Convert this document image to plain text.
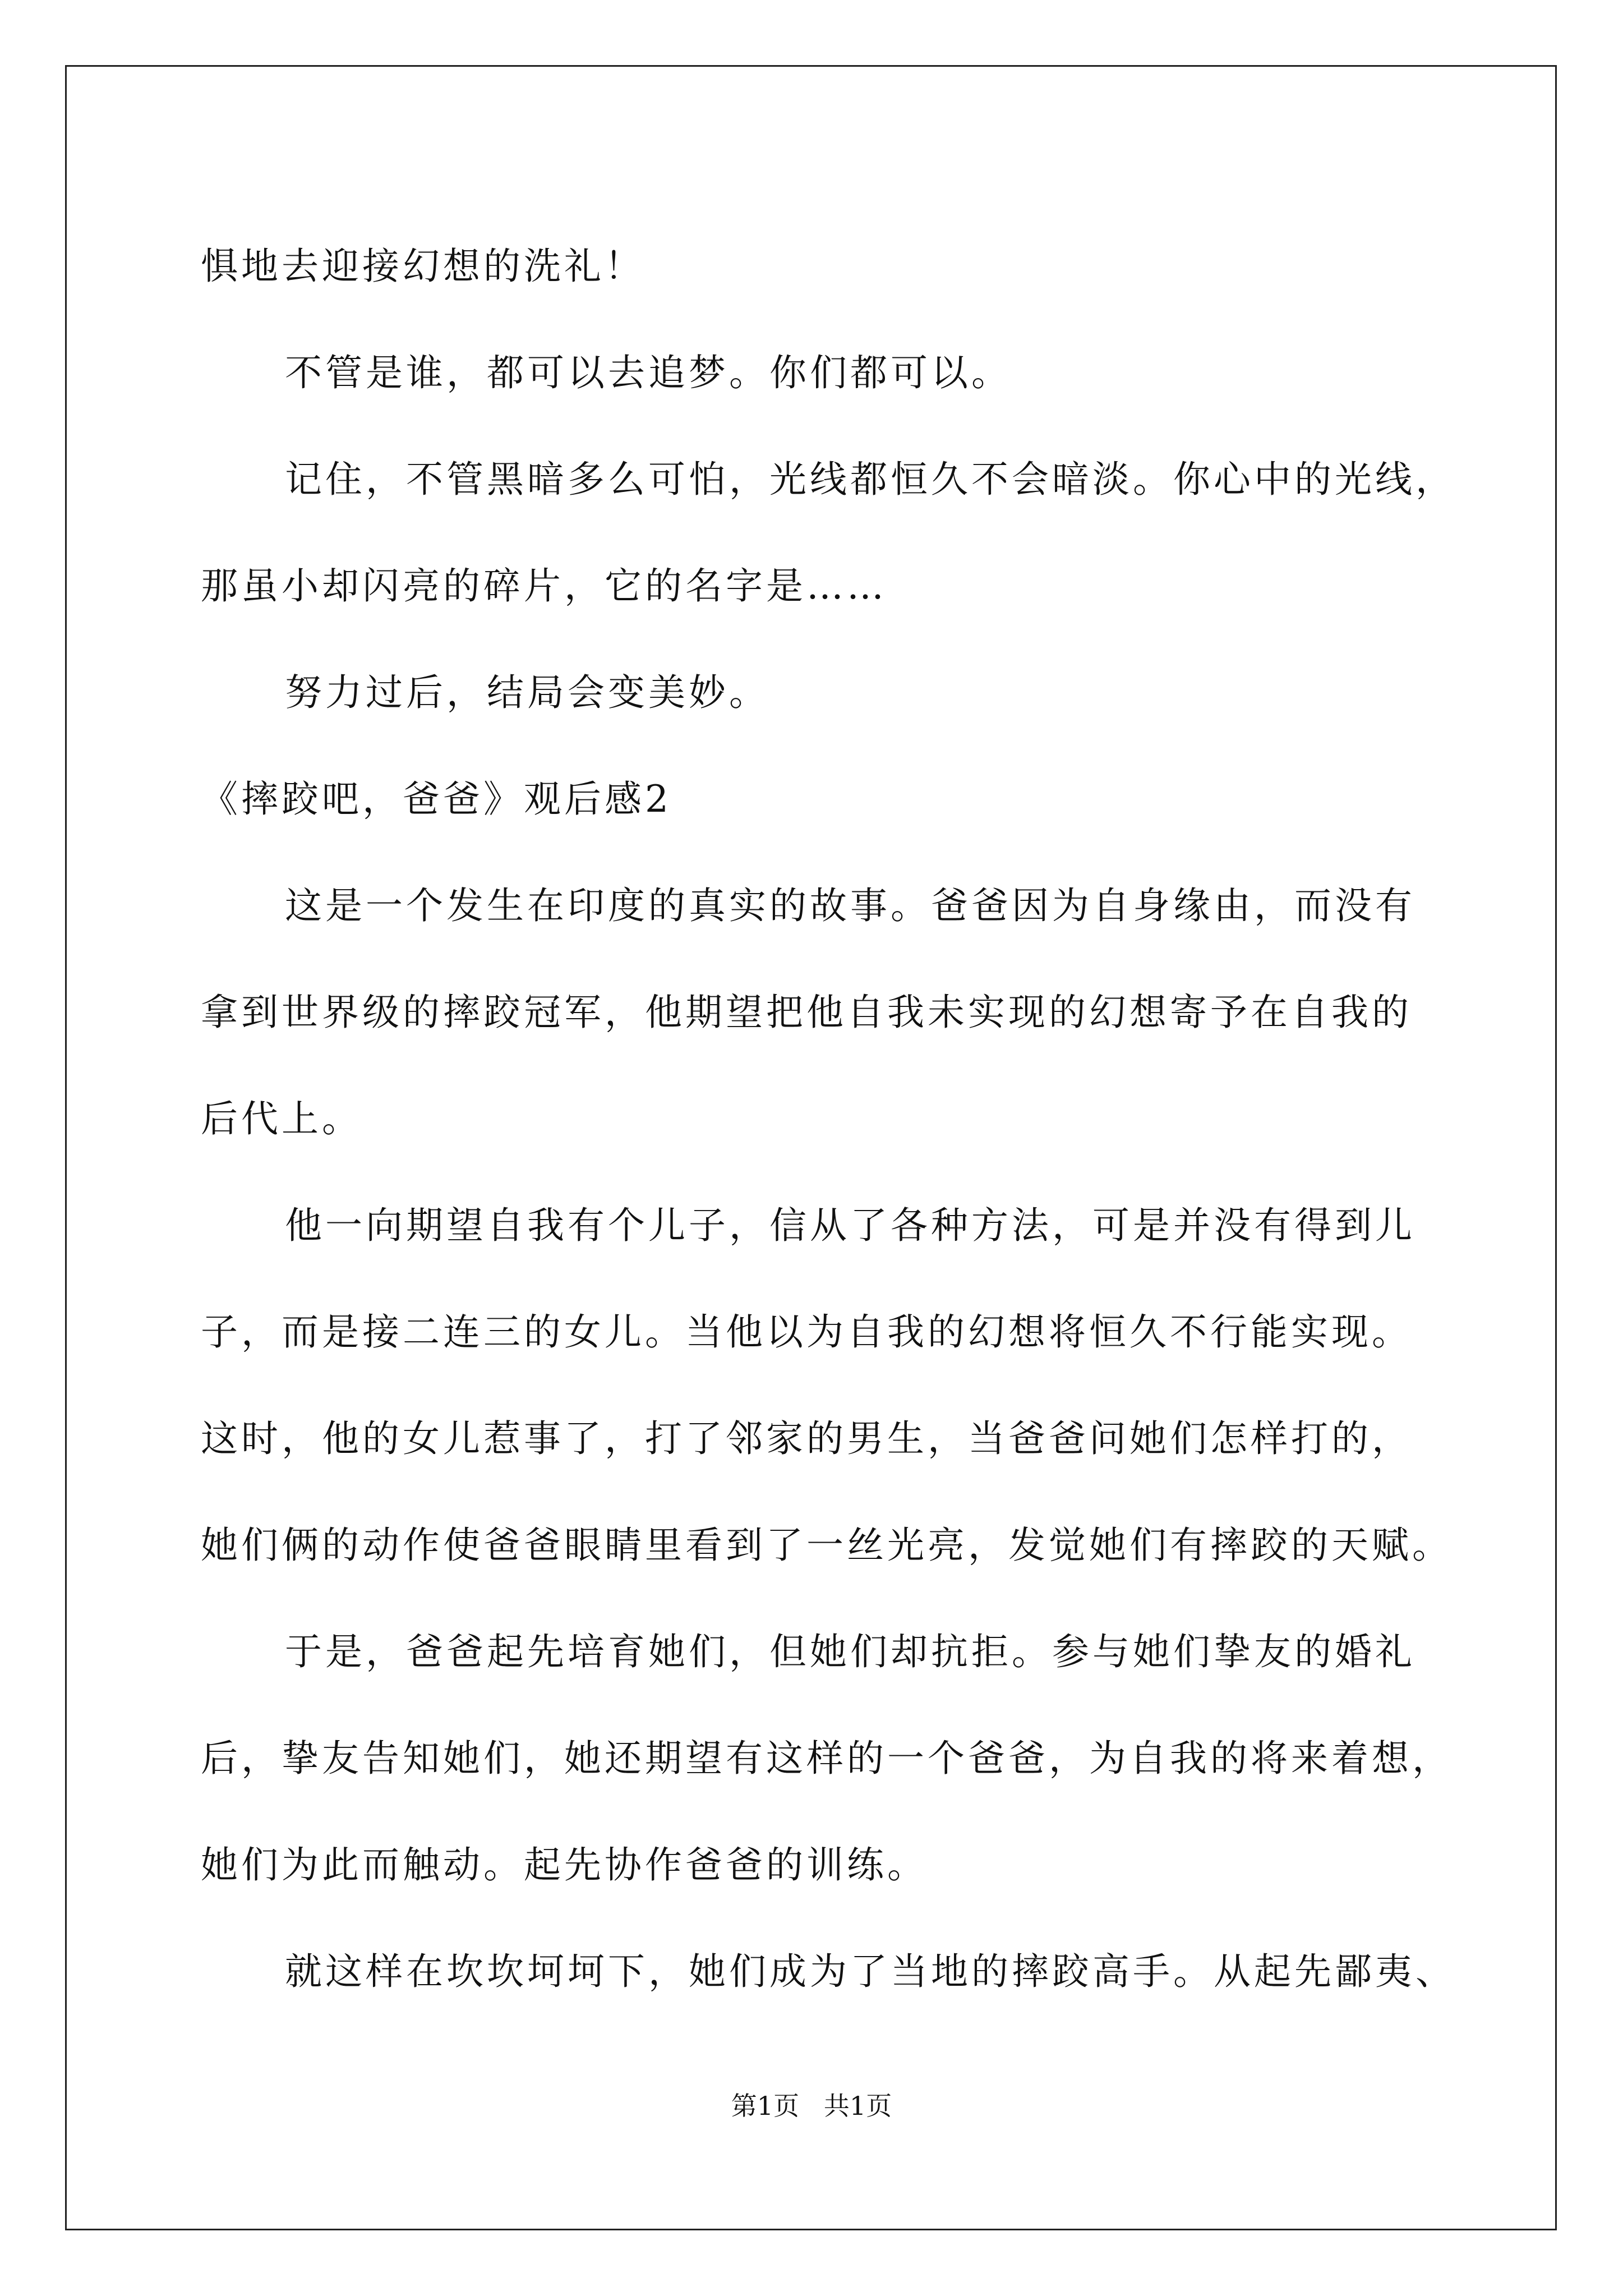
惧地去迎接幻想的洗礼！
不管是谁，都可以去追梦。你们都可以。
记住，不管黑暗多么可怕，光线都恒久不会暗淡。你心中的光线，
那虽小却闪亮的碎片，它的名字是……
努力过后，结局会变美妙。
《摔跤吧，爸爸》观后感2
这是一个发生在印度的真实的故事。爸爸因为自身缘由，而没有
拿到世界级的摔跤冠军，他期望把他自我未实现的幻想寄予在自我的
后代上。
他一向期望自我有个儿子，信从了各种方法，可是并没有得到儿
子，而是接二连三的女儿。当他以为自我的幻想将恒久不行能实现。
这时，他的女儿惹事了，打了邻家的男生，当爸爸问她们怎样打的，
她们俩的动作使爸爸眼睛里看到了一丝光亮，发觉她们有摔跤的天赋。
于是，爸爸起先培育她们，但她们却抗拒。参与她们挚友的婚礼
后，挚友告知她们，她还期望有这样的一个爸爸，为自我的将来着想，
她们为此而触动。起先协作爸爸的训练。
就这样在坎坎坷坷下，她们成为了当地的摔跤高手。从起先鄙夷、
第1页   共1页
